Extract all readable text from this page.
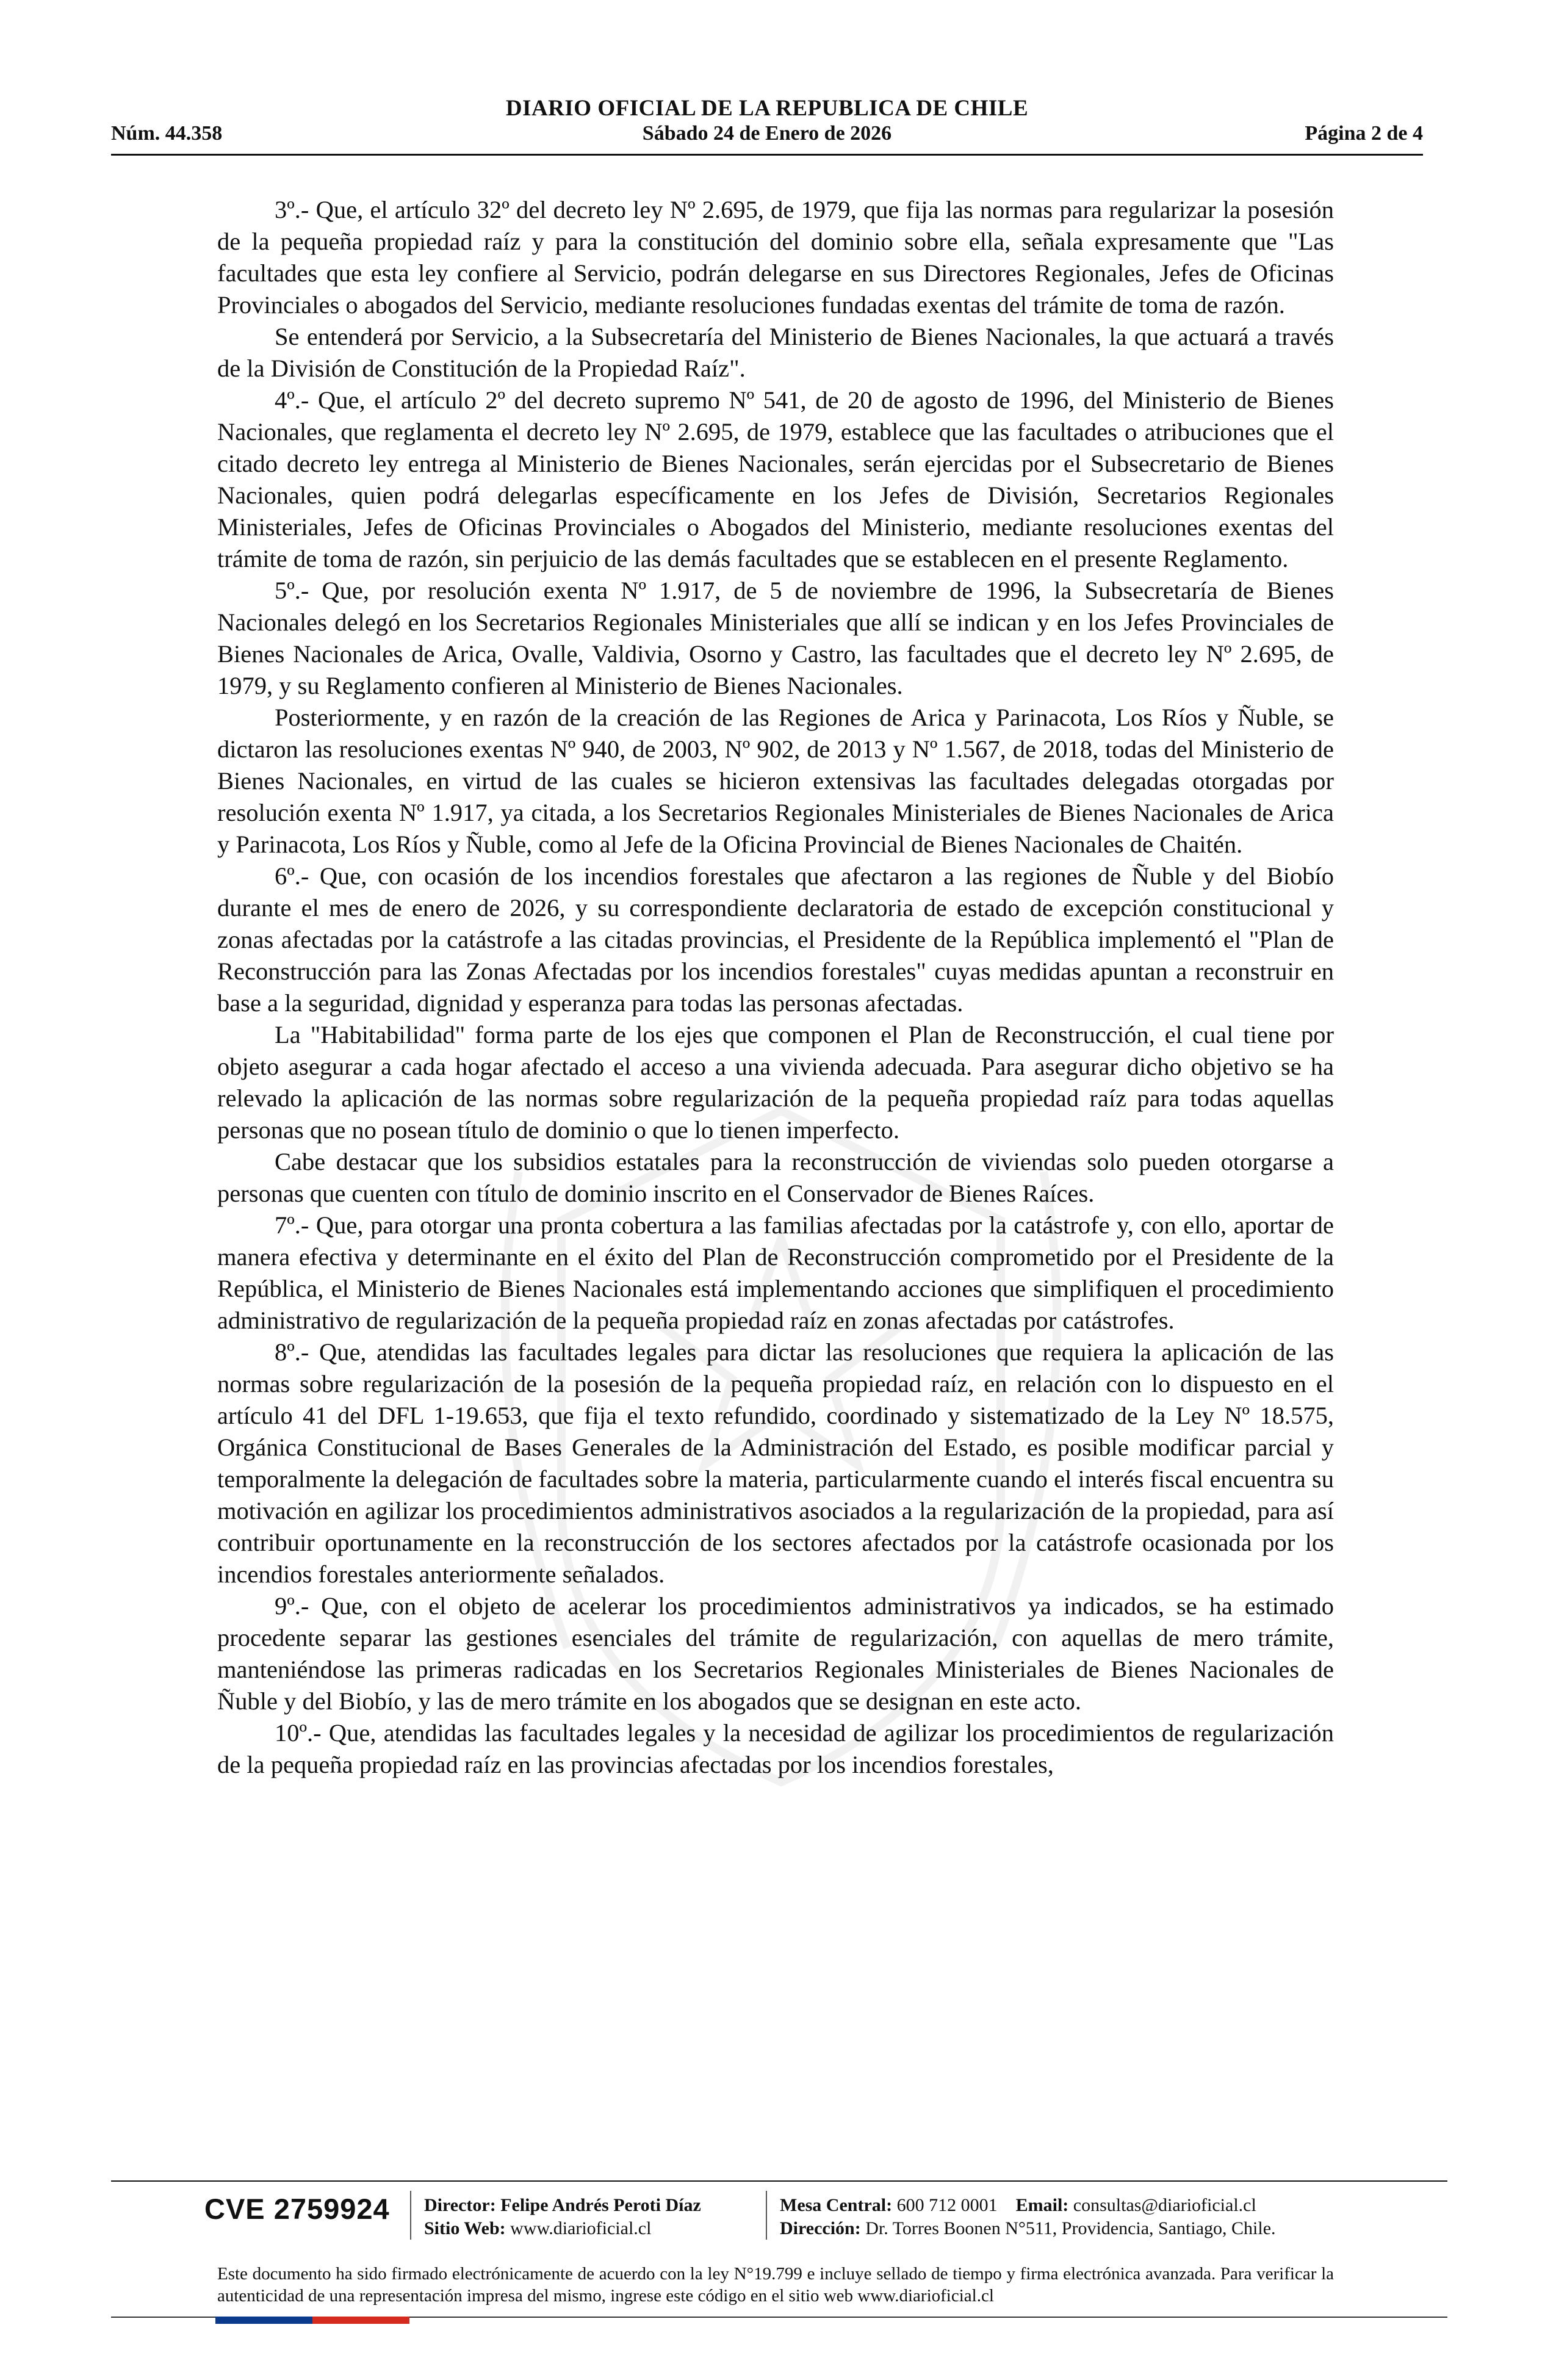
DIARIO OFICIAL DE LA REPUBLICA DE CHILE
Núm. 44.358	Sábado 24 de Enero de 2026	Página 2 de 4

3º.- Que, el artículo 32º del decreto ley Nº 2.695, de 1979, que fija las normas para regularizar la posesión de la pequeña propiedad raíz y para la constitución del dominio sobre ella, señala expresamente que "Las facultades que esta ley confiere al Servicio, podrán delegarse en sus Directores Regionales, Jefes de Oficinas Provinciales o abogados del Servicio, mediante resoluciones fundadas exentas del trámite de toma de razón.

Se entenderá por Servicio, a la Subsecretaría del Ministerio de Bienes Nacionales, la que actuará a través de la División de Constitución de la Propiedad Raíz".

4º.- Que, el artículo 2º del decreto supremo Nº 541, de 20 de agosto de 1996, del Ministerio de Bienes Nacionales, que reglamenta el decreto ley Nº 2.695, de 1979, establece que las facultades o atribuciones que el citado decreto ley entrega al Ministerio de Bienes Nacionales, serán ejercidas por el Subsecretario de Bienes Nacionales, quien podrá delegarlas específicamente en los Jefes de División, Secretarios Regionales Ministeriales, Jefes de Oficinas Provinciales o Abogados del Ministerio, mediante resoluciones exentas del trámite de toma de razón, sin perjuicio de las demás facultades que se establecen en el presente Reglamento.

5º.- Que, por resolución exenta Nº 1.917, de 5 de noviembre de 1996, la Subsecretaría de Bienes Nacionales delegó en los Secretarios Regionales Ministeriales que allí se indican y en los Jefes Provinciales de Bienes Nacionales de Arica, Ovalle, Valdivia, Osorno y Castro, las facultades que el decreto ley Nº 2.695, de 1979, y su Reglamento confieren al Ministerio de Bienes Nacionales.

Posteriormente, y en razón de la creación de las Regiones de Arica y Parinacota, Los Ríos y Ñuble, se dictaron las resoluciones exentas Nº 940, de 2003, Nº 902, de 2013 y Nº 1.567, de 2018, todas del Ministerio de Bienes Nacionales, en virtud de las cuales se hicieron extensivas las facultades delegadas otorgadas por resolución exenta Nº 1.917, ya citada, a los Secretarios Regionales Ministeriales de Bienes Nacionales de Arica y Parinacota, Los Ríos y Ñuble, como al Jefe de la Oficina Provincial de Bienes Nacionales de Chaitén.

6º.- Que, con ocasión de los incendios forestales que afectaron a las regiones de Ñuble y del Biobío durante el mes de enero de 2026, y su correspondiente declaratoria de estado de excepción constitucional y zonas afectadas por la catástrofe a las citadas provincias, el Presidente de la República implementó el "Plan de Reconstrucción para las Zonas Afectadas por los incendios forestales" cuyas medidas apuntan a reconstruir en base a la seguridad, dignidad y esperanza para todas las personas afectadas.

La "Habitabilidad" forma parte de los ejes que componen el Plan de Reconstrucción, el cual tiene por objeto asegurar a cada hogar afectado el acceso a una vivienda adecuada. Para asegurar dicho objetivo se ha relevado la aplicación de las normas sobre regularización de la pequeña propiedad raíz para todas aquellas personas que no posean título de dominio o que lo tienen imperfecto.

Cabe destacar que los subsidios estatales para la reconstrucción de viviendas solo pueden otorgarse a personas que cuenten con título de dominio inscrito en el Conservador de Bienes Raíces.

7º.- Que, para otorgar una pronta cobertura a las familias afectadas por la catástrofe y, con ello, aportar de manera efectiva y determinante en el éxito del Plan de Reconstrucción comprometido por el Presidente de la República, el Ministerio de Bienes Nacionales está implementando acciones que simplifiquen el procedimiento administrativo de regularización de la pequeña propiedad raíz en zonas afectadas por catástrofes.

8º.- Que, atendidas las facultades legales para dictar las resoluciones que requiera la aplicación de las normas sobre regularización de la posesión de la pequeña propiedad raíz, en relación con lo dispuesto en el artículo 41 del DFL 1-19.653, que fija el texto refundido, coordinado y sistematizado de la Ley Nº 18.575, Orgánica Constitucional de Bases Generales de la Administración del Estado, es posible modificar parcial y temporalmente la delegación de facultades sobre la materia, particularmente cuando el interés fiscal encuentra su motivación en agilizar los procedimientos administrativos asociados a la regularización de la propiedad, para así contribuir oportunamente en la reconstrucción de los sectores afectados por la catástrofe ocasionada por los incendios forestales anteriormente señalados.

9º.- Que, con el objeto de acelerar los procedimientos administrativos ya indicados, se ha estimado procedente separar las gestiones esenciales del trámite de regularización, con aquellas de mero trámite, manteniéndose las primeras radicadas en los Secretarios Regionales Ministeriales de Bienes Nacionales de Ñuble y del Biobío, y las de mero trámite en los abogados que se designan en este acto.

10º.- Que, atendidas las facultades legales y la necesidad de agilizar los procedimientos de regularización de la pequeña propiedad raíz en las provincias afectadas por los incendios forestales,

CVE 2759924 Director: Felipe Andrés Peroti Díaz
Sitio Web: www.diarioficial.cl
Mesa Central: 600 712 0001 Email: consultas@diarioficial.cl
Dirección: Dr. Torres Boonen N°511, Providencia, Santiago, Chile.
Este documento ha sido firmado electrónicamente de acuerdo con la ley N°19.799 e incluye sellado de tiempo y firma electrónica avanzada. Para verificar la autenticidad de una representación impresa del mismo, ingrese este código en el sitio web www.diarioficial.cl
